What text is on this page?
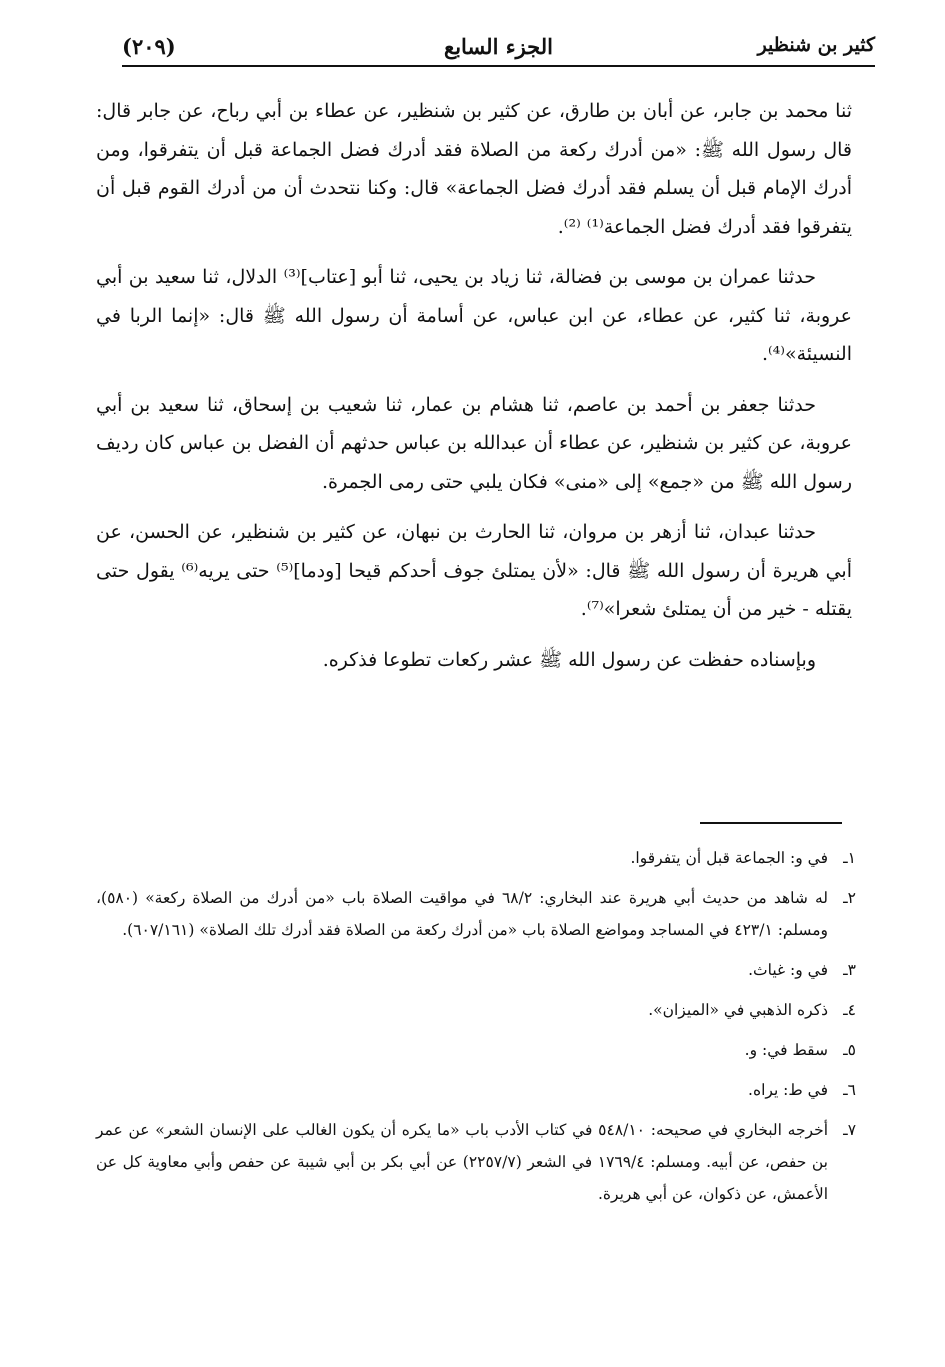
كثير بن شنظير
الجزء السابع
(٢٠٩)

ثنا محمد بن جابر، عن أبان بن طارق، عن كثير بن شنظير، عن عطاء بن أبي رباح، عن جابر قال: قال رسول الله ﷺ: «من أدرك ركعة من الصلاة فقد أدرك فضل الجماعة قبل أن يتفرقوا، ومن أدرك الإمام قبل أن يسلم فقد أدرك فضل الجماعة» قال: وكنا نتحدث أن من أدرك القوم قبل أن يتفرقوا فقد أدرك فضل الجماعة⁽¹⁾ ⁽²⁾.

حدثنا عمران بن موسى بن فضالة، ثنا زياد بن يحيى، ثنا أبو [عتاب]⁽³⁾ الدلال، ثنا سعيد بن أبي عروبة، ثنا كثير، عن عطاء، عن ابن عباس، عن أسامة أن رسول الله ﷺ قال: «إنما الربا في النسيئة»⁽⁴⁾.

حدثنا جعفر بن أحمد بن عاصم، ثنا هشام بن عمار، ثنا شعيب بن إسحاق، ثنا سعيد بن أبي عروبة، عن كثير بن شنظير، عن عطاء أن عبدالله بن عباس حدثهم أن الفضل بن عباس كان رديف رسول الله ﷺ من «جمع» إلى «منى» فكان يلبي حتى رمى الجمرة.

حدثنا عبدان، ثنا أزهر بن مروان، ثنا الحارث بن نبهان، عن كثير بن شنظير، عن الحسن، عن أبي هريرة أن رسول الله ﷺ قال: «لأن يمتلئ جوف أحدكم قيحا [ودما]⁽⁵⁾ حتى يريه⁽⁶⁾ يقول حتى يقتله - خير من أن يمتلئ شعرا»⁽⁷⁾.

وبإسناده حفظت عن رسول الله ﷺ عشر ركعات تطوعا فذكره.

١ـفي و: الجماعة قبل أن يتفرقوا.

٢ـله شاهد من حديث أبي هريرة عند البخاري: ٦٨/٢ في مواقيت الصلاة باب «من أدرك من الصلاة ركعة» (٥٨٠)، ومسلم: ٤٢٣/١ في المساجد ومواضع الصلاة باب «من أدرك ركعة من الصلاة فقد أدرك تلك الصلاة» (٦٠٧/١٦١).

٣ـفي و: غياث.

٤ـذكره الذهبي في «الميزان».

٥ـسقط في: و.

٦ـفي ط: يراه.

٧ـأخرجه البخاري في صحيحه: ٥٤٨/١٠ في كتاب الأدب باب «ما يكره أن يكون الغالب على الإنسان الشعر» عن عمر بن حفص، عن أبيه. ومسلم: ١٧٦٩/٤ في الشعر (٢٢٥٧/٧) عن أبي بكر بن أبي شيبة عن حفص وأبي معاوية كل عن الأعمش، عن ذكوان، عن أبي هريرة.
